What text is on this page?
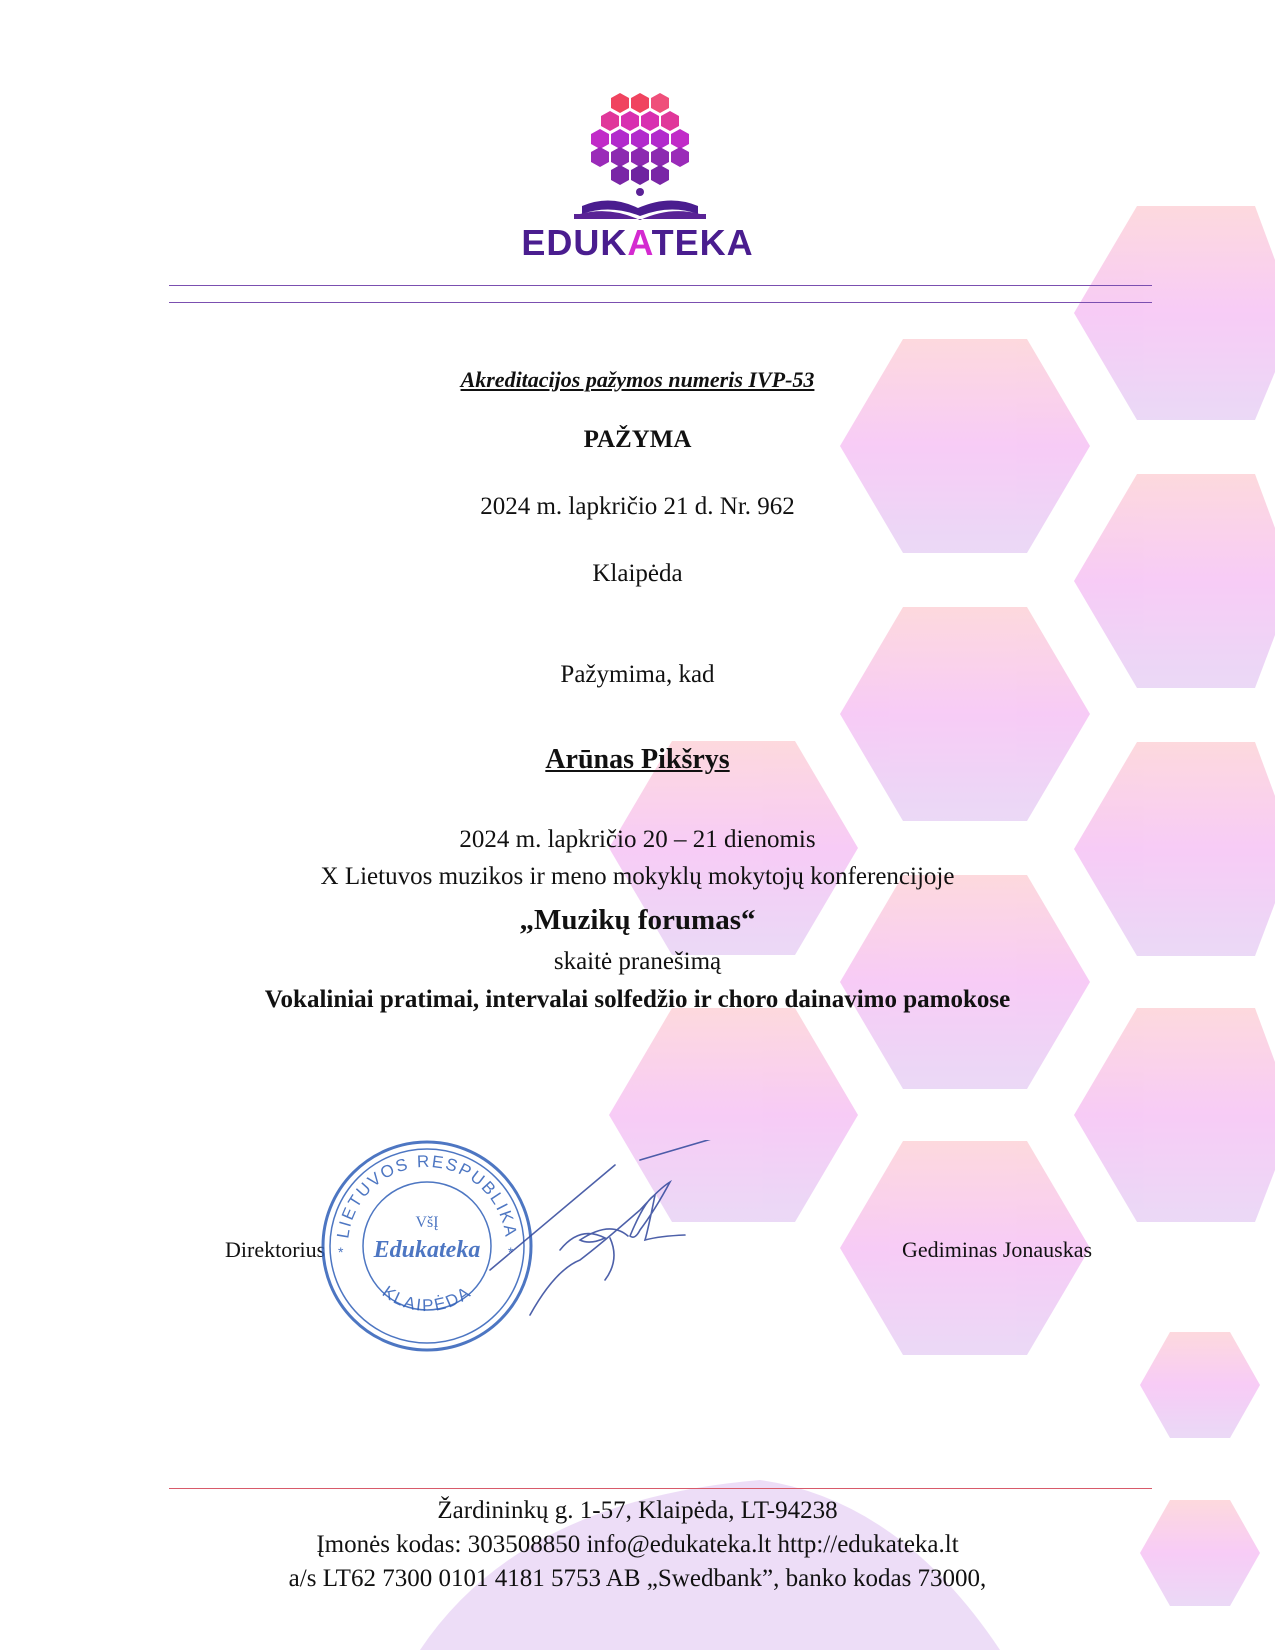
EDUKATEKA
Akreditacijos pažymos numeris IVP-53
PAŽYMA
2024 m. lapkričio 21 d. Nr. 962
Klaipėda
Pažymima, kad
Arūnas Pikšrys
2024 m. lapkričio 20 – 21 dienomis
X Lietuvos muzikos ir meno mokyklų mokytojų konferencijoje
„Muzikų forumas“
skaitė pranešimą
Vokaliniai pratimai, intervalai solfedžio ir choro dainavimo pamokose
Direktorius	Gediminas Jonauskas
LIETUVOS RESPUBLIKA
KLAIPĖDA
VšĮ
Edukateka
*	*
Žardininkų g. 1-57, Klaipėda, LT-94238
Įmonės kodas: 303508850 info@edukateka.lt http://edukateka.lt
a/s LT62 7300 0101 4181 5753 AB „Swedbank”, banko kodas 73000,
